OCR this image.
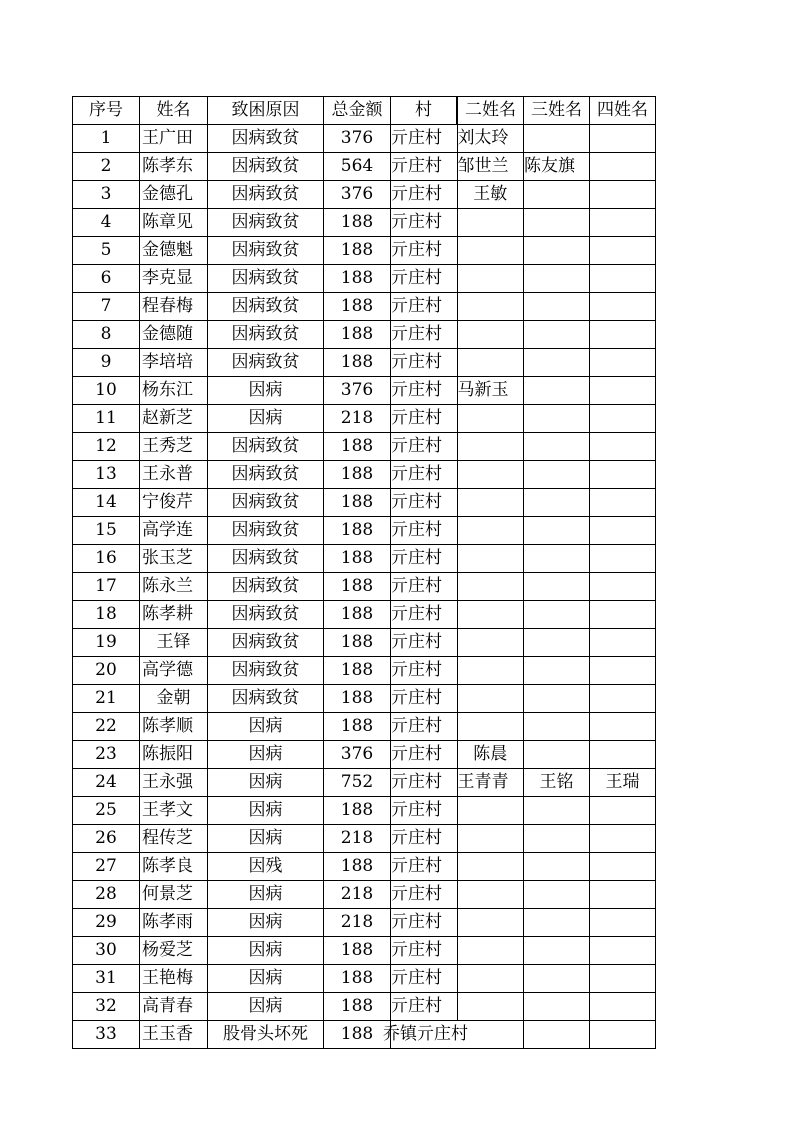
序号	姓名	致困原因	总金额	村	二姓名	三姓名	四姓名
1	王广田	因病致贫	376	亓庄村	刘太玲		
2	陈孝东	因病致贫	564	亓庄村	邹世兰	陈友旗	
3	金德孔	因病致贫	376	亓庄村	王敏		
4	陈章见	因病致贫	188	亓庄村			
5	金德魁	因病致贫	188	亓庄村			
6	李克显	因病致贫	188	亓庄村			
7	程春梅	因病致贫	188	亓庄村			
8	金德随	因病致贫	188	亓庄村			
9	李培培	因病致贫	188	亓庄村			
10	杨东江	因病	376	亓庄村	马新玉		
11	赵新芝	因病	218	亓庄村			
12	王秀芝	因病致贫	188	亓庄村			
13	王永普	因病致贫	188	亓庄村			
14	宁俊芹	因病致贫	188	亓庄村			
15	高学连	因病致贫	188	亓庄村			
16	张玉芝	因病致贫	188	亓庄村			
17	陈永兰	因病致贫	188	亓庄村			
18	陈孝耕	因病致贫	188	亓庄村			
19	王铎	因病致贫	188	亓庄村			
20	高学德	因病致贫	188	亓庄村			
21	金朝	因病致贫	188	亓庄村			
22	陈孝顺	因病	188	亓庄村			
23	陈振阳	因病	376	亓庄村	陈晨		
24	王永强	因病	752	亓庄村	王青青	王铭	王瑞
25	王孝文	因病	188	亓庄村			
26	程传芝	因病	218	亓庄村			
27	陈孝良	因残	188	亓庄村			
28	何景芝	因病	218	亓庄村			
29	陈孝雨	因病	218	亓庄村			
30	杨爱芝	因病	188	亓庄村			
31	王艳梅	因病	188	亓庄村			
32	高青春	因病	188	亓庄村			
33	王玉香	股骨头坏死	188	乔镇亓庄村			
